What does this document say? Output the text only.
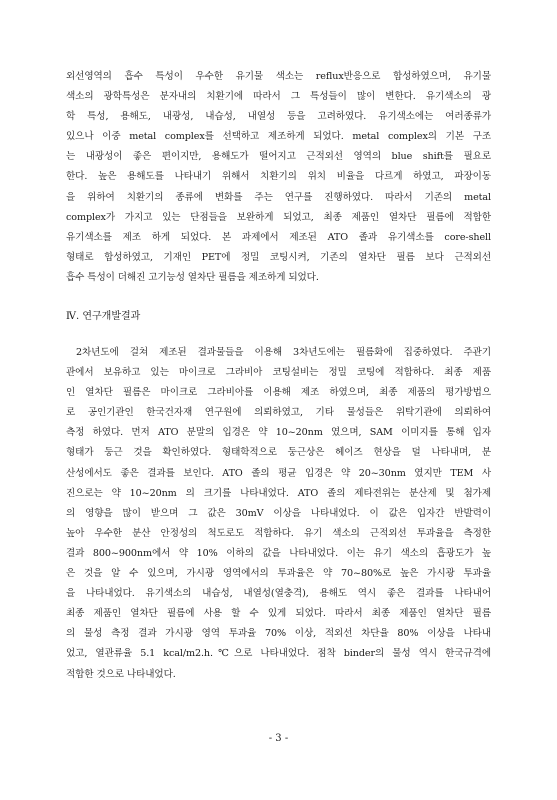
외선영역의 흡수 특성이 우수한 유기물 색소는 reflux반응으로 합성하였으며, 유기물
색소의 광학특성은 분자내의 치환기에 따라서 그 특성들이 많이 변한다. 유기색소의 광
학 특성, 용해도, 내광성, 내습성, 내열성 등을 고려하였다. 유기색소에는 여러종류가
있으나 이중 metal complex를 선택하고 제조하게 되었다. metal complex의 기본 구조
는 내광성이 좋은 편이지만, 용해도가 떨어지고 근적외선 영역의 blue shift를 필요로
한다. 높은 용해도를 나타내기 위해서 치환기의 위치 비율을 다르게 하였고, 파장이동
을 위하여 치환기의 종류에 변화를 주는 연구를 진행하였다. 따라서 기존의 metal
complex가 가지고 있는 단점들을 보완하게 되었고, 최종 제품인 열차단 필름에 적합한
유기색소를 제조 하게 되었다. 본 과제에서 제조된 ATO 졸과 유기색소를 core-shell
형태로 합성하였고, 기재인 PET에 정밀 코팅시켜, 기존의 열차단 필름 보다 근적외선
흡수 특성이 더해진 고기능성 열차단 필름을 제조하게 되었다.
Ⅳ. 연구개발결과
2차년도에 걸쳐 제조된 결과물들을 이용해 3차년도에는 필름화에 집중하였다. 주관기
관에서 보유하고 있는 마이크로 그라비아 코팅설비는 정밀 코팅에 적합하다. 최종 제품
인 열차단 필름은 마이크로 그라비아를 이용해 제조 하였으며, 최종 제품의 평가방법으
로 공인기관인 한국건자재 연구원에 의뢰하였고, 기타 물성들은 위탁기관에 의뢰하여
측정 하였다. 먼저 ATO 분말의 입경은 약 10~20nm 였으며, SAM 이미지를 통해 입자
형태가 둥근 것을 확인하였다. 형태학적으로 둥근상은 헤이즈 현상을 덜 나타내며, 분
산성에서도 좋은 결과를 보인다. ATO 졸의 평균 입경은 약 20~30nm 였지만 TEM 사
진으로는 약 10~20nm 의 크기를 나타내었다. ATO 졸의 제타전위는 분산제 및 첨가제
의 영향을 많이 받으며 그 값은 30mV 이상을 나타내었다. 이 값은 입자간 반발력이
높아 우수한 분산 안정성의 척도로도 적합하다. 유기 색소의 근적외선 투과율을 측정한
결과 800~900nm에서 약 10% 이하의 값을 나타내었다. 이는 유기 색소의 흡광도가 높
은 것을 알 수 있으며, 가시광 영역에서의 투과율은 약 70~80%로 높은 가시광 투과율
을 나타내었다. 유기색소의 내습성, 내열성(열충격), 용해도 역시 좋은 결과를 나타내어
최종 제품인 열차단 필름에 사용 할 수 있게 되었다. 따라서 최종 제품인 열차단 필름
의 물성 측정 결과 가시광 영역 투과율 70% 이상, 적외선 차단율 80% 이상을 나타내
었고, 열관류율 5.1 kcal/m2.h.℃으로 나타내었다. 점착 binder의 물성 역시 한국규격에
적합한 것으로 나타내었다.
- 3 -
